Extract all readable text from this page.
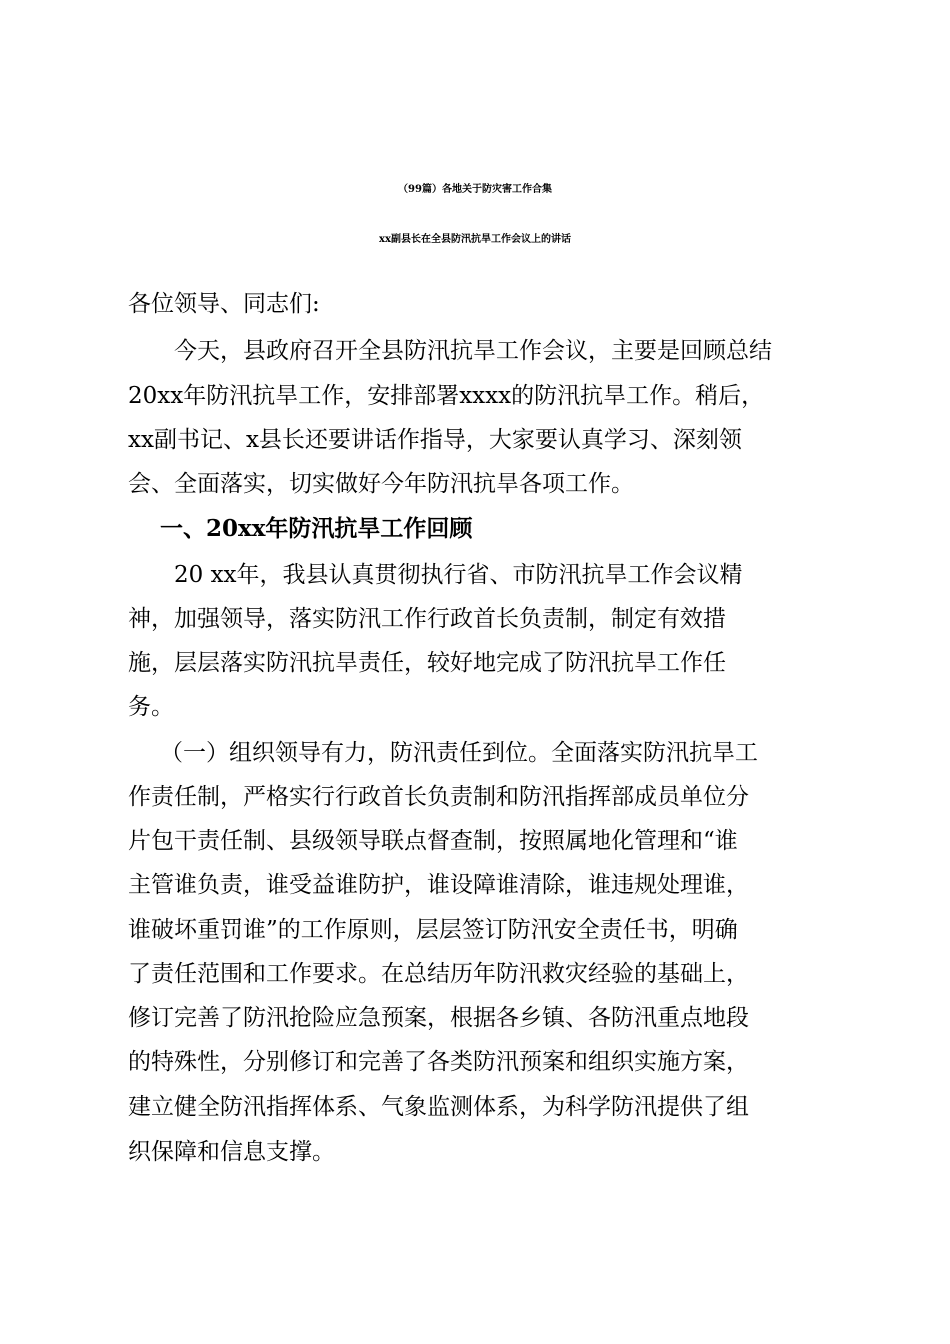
（99篇）各地关于防灾害工作合集
xx副县长在全县防汛抗旱工作会议上的讲话
各位领导、同志们:
今天，县政府召开全县防汛抗旱工作会议，主要是回顾总结
20xx年防汛抗旱工作，安排部署xxxx的防汛抗旱工作。稍后，
xx副书记、x县长还要讲话作指导，大家要认真学习、深刻领
会、全面落实，切实做好今年防汛抗旱各项工作。
一、20xx年防汛抗旱工作回顾
20 xx年，我县认真贯彻执行省、市防汛抗旱工作会议精
神，加强领导，落实防汛工作行政首长负责制，制定有效措
施，层层落实防汛抗旱责任，较好地完成了防汛抗旱工作任
务。
（一）组织领导有力，防汛责任到位。全面落实防汛抗旱工
作责任制，严格实行行政首长负责制和防汛指挥部成员单位分
片包干责任制、县级领导联点督查制，按照属地化管理和“谁
主管谁负责，谁受益谁防护，谁设障谁清除，谁违规处理谁，
谁破坏重罚谁”的工作原则，层层签订防汛安全责任书，明确
了责任范围和工作要求。在总结历年防汛救灾经验的基础上，
修订完善了防汛抢险应急预案，根据各乡镇、各防汛重点地段
的特殊性，分别修订和完善了各类防汛预案和组织实施方案，
建立健全防汛指挥体系、气象监测体系，为科学防汛提供了组
织保障和信息支撑。
